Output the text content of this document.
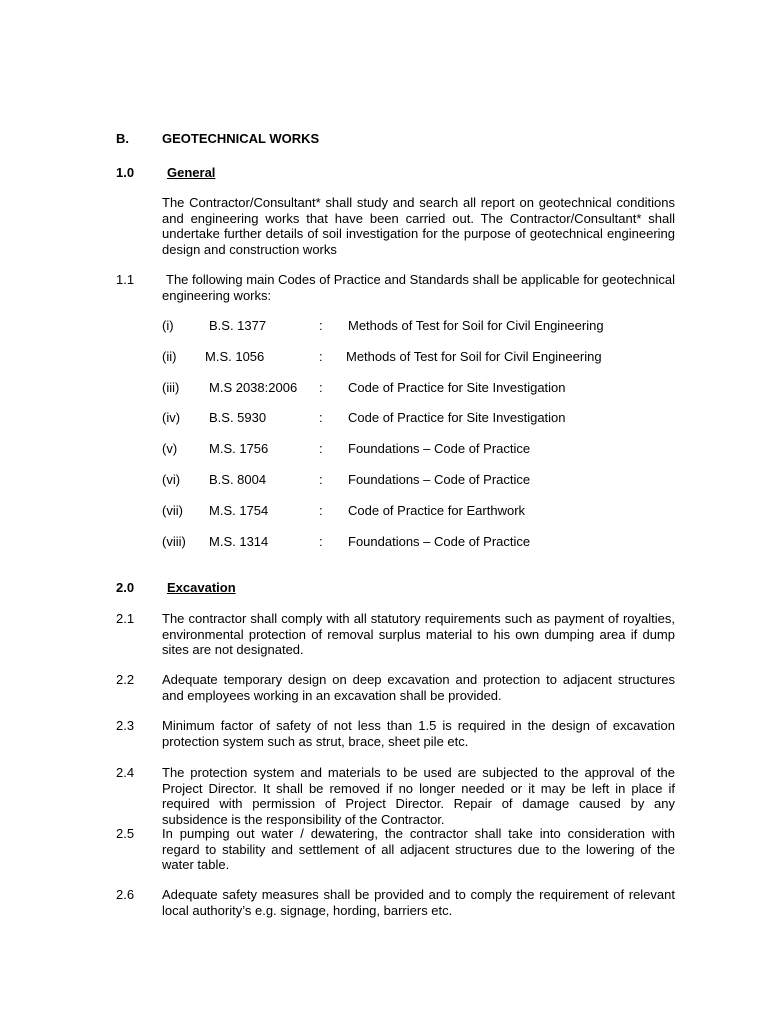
B.	GEOTECHNICAL WORKS
1.0	General
The Contractor/Consultant* shall study and search all report on geotechnical conditions and engineering works that have been carried out. The Contractor/Consultant* shall undertake further details of soil investigation for the purpose of geotechnical engineering design and construction works
1.1	The following main Codes of Practice and Standards shall be applicable for geotechnical engineering works:
(i)	B.S. 1377	: Methods of Test for Soil for Civil Engineering
(ii) M.S. 1056	: Methods of Test for Soil for Civil Engineering
(iii) M.S 2038:2006 : Code of Practice for Site Investigation
(iv) B.S. 5930	: Code of Practice for Site Investigation
(v) M.S. 1756	: Foundations – Code of Practice
(vi) B.S. 8004	: Foundations – Code of Practice
(vii) M.S. 1754	: Code of Practice for Earthwork
(viii) M.S. 1314	: Foundations – Code of Practice
2.0	Excavation
2.1 The contractor shall comply with all statutory requirements such as payment of royalties, environmental protection of removal surplus material to his own dumping area if dump sites are not designated.
2.2 Adequate temporary design on deep excavation and protection to adjacent structures and employees working in an excavation shall be provided.
2.3 Minimum factor of safety of not less than 1.5 is required in the design of excavation protection system such as strut, brace, sheet pile etc.
2.4 The protection system and materials to be used are subjected to the approval of the Project Director. It shall be removed if no longer needed or it may be left in place if required with permission of Project Director. Repair of damage caused by any subsidence is the responsibility of the Contractor.
2.5 In pumping out water / dewatering, the contractor shall take into consideration with regard to stability and settlement of all adjacent structures due to the lowering of the water table.
2.6 Adequate safety measures shall be provided and to comply the requirement of relevant local authority’s e.g. signage, hording, barriers etc.
